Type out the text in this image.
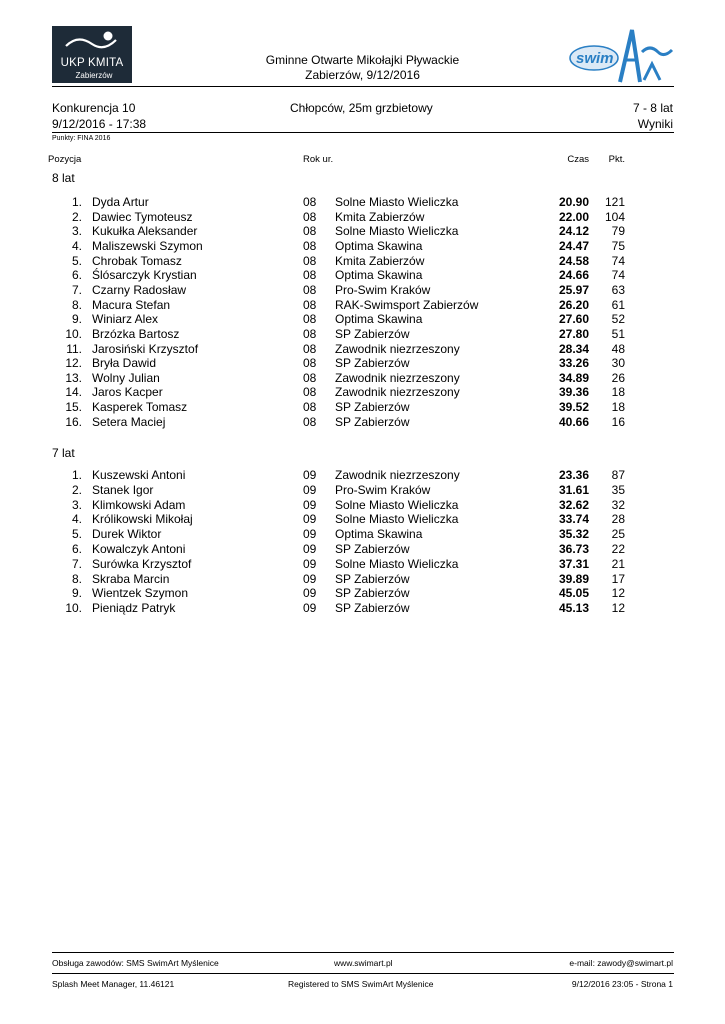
UKP KMITA
Zabierzów
swim
Gminne Otwarte Mikołajki Pływackie
Zabierzów, 9/12/2016
Konkurencja 10
9/12/2016 - 17:38
Chłopców, 25m grzbietowy	7 - 8 lat
Wyniki
Punkty: FINA 2016
Pozycja	Rok ur.	Czas	Pkt.
8 lat
1. Dyda Artur	08 Solne Miasto Wieliczka	20.90	121
2. Dawiec Tymoteusz	08 Kmita Zabierzów	22.00	104
3. Kukułka Aleksander	08 Solne Miasto Wieliczka	24.12	79
4. Maliszewski Szymon	08 Optima Skawina	24.47	75
5. Chrobak Tomasz	08 Kmita Zabierzów	24.58	74
6. Ślósarczyk Krystian	08 Optima Skawina	24.66	74
7. Czarny Radosław	08 Pro-Swim Kraków	25.97	63
8. Macura Stefan	08 RAK-Swimsport Zabierzów	26.20	61
9. Winiarz Alex	08 Optima Skawina	27.60	52
10. Brzózka Bartosz	08 SP Zabierzów	27.80	51
11. Jarosiński Krzysztof	08 Zawodnik niezrzeszony	28.34	48
12. Bryła Dawid	08 SP Zabierzów	33.26	30
13. Wolny Julian	08 Zawodnik niezrzeszony	34.89	26
14. Jaros Kacper	08 Zawodnik niezrzeszony	39.36	18
15. Kasperek Tomasz	08 SP Zabierzów	39.52	18
16. Setera Maciej	08 SP Zabierzów	40.66	16
7 lat
1. Kuszewski Antoni	09 Zawodnik niezrzeszony	23.36	87
2. Stanek Igor	09 Pro-Swim Kraków	31.61	35
3. Klimkowski Adam	09 Solne Miasto Wieliczka	32.62	32
4. Królikowski Mikołaj	09 Solne Miasto Wieliczka	33.74	28
5. Durek Wiktor	09 Optima Skawina	35.32	25
6. Kowalczyk Antoni	09 SP Zabierzów	36.73	22
7. Surówka Krzysztof	09 Solne Miasto Wieliczka	37.31	21
8. Skraba Marcin	09 SP Zabierzów	39.89	17
9. Wientzek Szymon	09 SP Zabierzów	45.05	12
10. Pieniądz Patryk	09 SP Zabierzów	45.13	12
Obsługa zawodów: SMS SwimArt Myślenice	www.swimart.pl	e-mail: zawody@swimart.pl
Splash Meet Manager, 11.46121	Registered to SMS SwimArt Myślenice	9/12/2016 23:05 - Strona 1
